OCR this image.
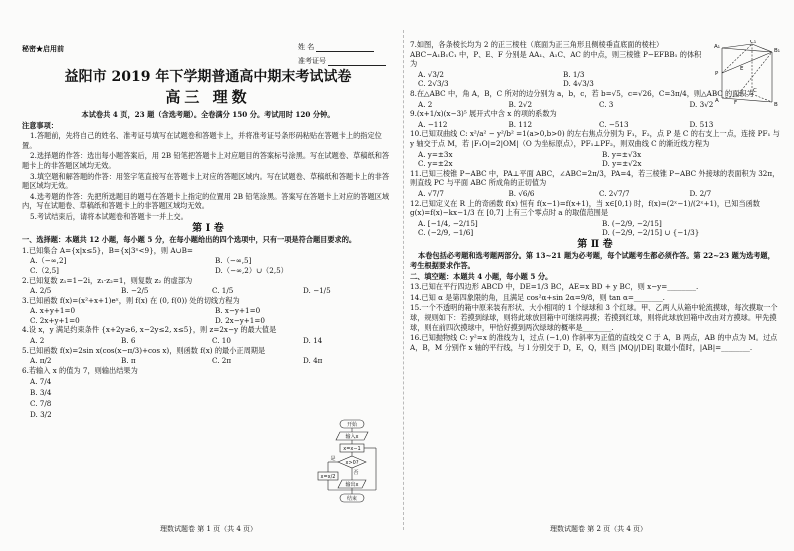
秘密★启用前	姓 名
准考证号
益阳市 2019 年下学期普通高中期末考试试卷
高三 理数
本试卷共 4 页，23 题（含选考题）。全卷满分 150 分。考试用时 120 分钟。
注意事项：
1.答题前，先将自己的姓名、准考证号填写在试题卷和答题卡上，并将准考证号条形码粘贴在答题卡上的指定位置。
2.选择题的作答：选出每小题答案后，用 2B 铅笔把答题卡上对应题目的答案标号涂黑。写在试题卷、草稿纸和答题卡上的非答题区域均无效。
3.填空题和解答题的作答：用签字笔直接写在答题卡上对应的答题区域内。写在试题卷、草稿纸和答题卡上的非答题区域均无效。
4.选考题的作答：先把所选题目的题号在答题卡上指定的位置用 2B 铅笔涂黑。答案写在答题卡上对应的答题区域内，写在试题卷、草稿纸和答题卡上的非答题区域均无效。
5.考试结束后，请将本试题卷和答题卡一并上交。
第 Ⅰ 卷
一、选择题：本题共 12 小题，每小题 5 分，在每小题给出的四个选项中，只有一项是符合题目要求的。
1.已知集合 A={x|x≤5}，B={x|3ˣ<9}，则 A∪B=
A.（−∞,2]	B.（−∞,5]
C.（2,5]	D.（−∞,2）∪（2,5）
2.已知复数 z₁=1−2i，z₁·z₂=1，则复数 z₂ 的虚部为
A. 2/5	B. −2/5	C. 1/5	D. −1/5
3.已知函数 f(x)=(x²+x+1)eˣ，则 f(x) 在 (0, f(0)) 处的切线方程为
A. x+y+1=0	B. x−y+1=0
C. 2x+y+1=0	D. 2x−y+1=0
4.设 x，y 满足约束条件 {x+2y≥6, x−2y≤2, x≤5}，则 z=2x−y 的最大值是
A. 2	B. 6	C. 10	D. 14
5.已知函数 f(x)=2sin x(cos(x−π/3)+cos x)，则函数 f(x) 的最小正周期是
A. π/2	B. π	C. 2π	D. 4π
6.若输入 x 的值为 7，则输出结果为
A. 7/4
B. 3/4
C. 7/8
D. 3/2
开始
输入x
x=x−1
x>0?
是
否
x=x/2
输出x
结束
理数试题卷 第 1 页（共 4 页）
7.如图，各条棱长均为 2 的正三棱柱（底面为正三角形且侧棱垂直底面的棱柱）ABC−A₁B₁C₁ 中，P、E、F 分别是 AA₁、A₁C、AC 的中点，则三棱锥 P−EFBB₁ 的体积为
A. √3/2	B. 1/3
C. 2√3/3	D. 4√3/3
8.在△ABC 中，角 A，B，C 所对的边分别为 a，b，c，若 b=√5，c=√26，C=3π/4，则△ABC 的面积为
A. 2	B. 2√2	C. 3	D. 3√2
9.(x+1/x)(x−3)⁵ 展开式中含 x 的项的系数为
A. −112	B. 112	C. −513	D. 513
10.已知双曲线 C: x²/a² − y²/b² =1(a>0,b>0) 的左右焦点分别为 F₁，F₂，点 P 是 C 的右支上一点，连接 PF₁ 与 y 轴交于点 M，若 |F₁O|=2|OM|（O 为坐标原点），PF₁⊥PF₂，则双曲线 C 的渐近线方程为
A. y=±3x	B. y=±√3x
C. y=±2x	D. y=±√2x
11.已知三棱锥 P−ABC 中，PA⊥平面 ABC，∠ABC=2π/3，PA=4，若三棱锥 P−ABC 外接球的表面积为 32π，则直线 PC 与平面 ABC 所成角的正切值为
A. √7/7	B. √6/6	C. 2√7/7	D. 2/7
12.已知定义在 R 上的奇函数 f(x) 恒有 f(x−1)=f(x+1)，当 x∈[0,1) 时，f(x)=(2ˣ−1)/(2ˣ+1)，已知当函数 g(x)=f(x)−kx−1/3 在 [0,7] 上有三个零点时 a 的取值范围是
A. [−1/4, −2/15]	B. (−2/9, −2/15]
C. (−2/9, −1/6]	D. (−2/9, −2/15] ∪ {−1/3}
第 Ⅱ 卷
本卷包括必考题和选考题两部分。第 13~21 题为必考题，每个试题考生都必须作答。第 22~23 题为选考题，考生根据要求作答。
二、填空题：本题共 4 小题，每小题 5 分。
13.已知在平行四边形 ABCD 中，DE=1/3 BC，AE=x BD + y BC，则 x−y=________.
14.已知 α 是第四象限的角，且满足 cos²α+sin 2α=9/8，则 tan α=________.
15.一个不透明的箱中原来装有形状、大小相同的 1 个绿球和 3 个红球。甲、乙两人从箱中轮流摸球，每次摸取一个球，规则如下：若摸到绿球，则将此球放回箱中可继续再摸；若摸到红球，则将此球放回箱中改由对方摸球。甲先摸球，则在前四次摸球中，甲恰好摸到两次绿球的概率是________.
16.已知抛物线 C: y²=x 的准线为 l，过点 (−1,0) 作斜率为正值的直线交 C 于 A，B 两点，AB 的中点为 M。过点 A，B，M 分别作 x 轴的平行线，与 l 分别交于 D，E，Q，则当 |MQ|/|DE| 取最小值时，|AB|=________.
A₁
C₁
B₁
P
E
A	F
C
B
理数试题卷 第 2 页（共 4 页）
